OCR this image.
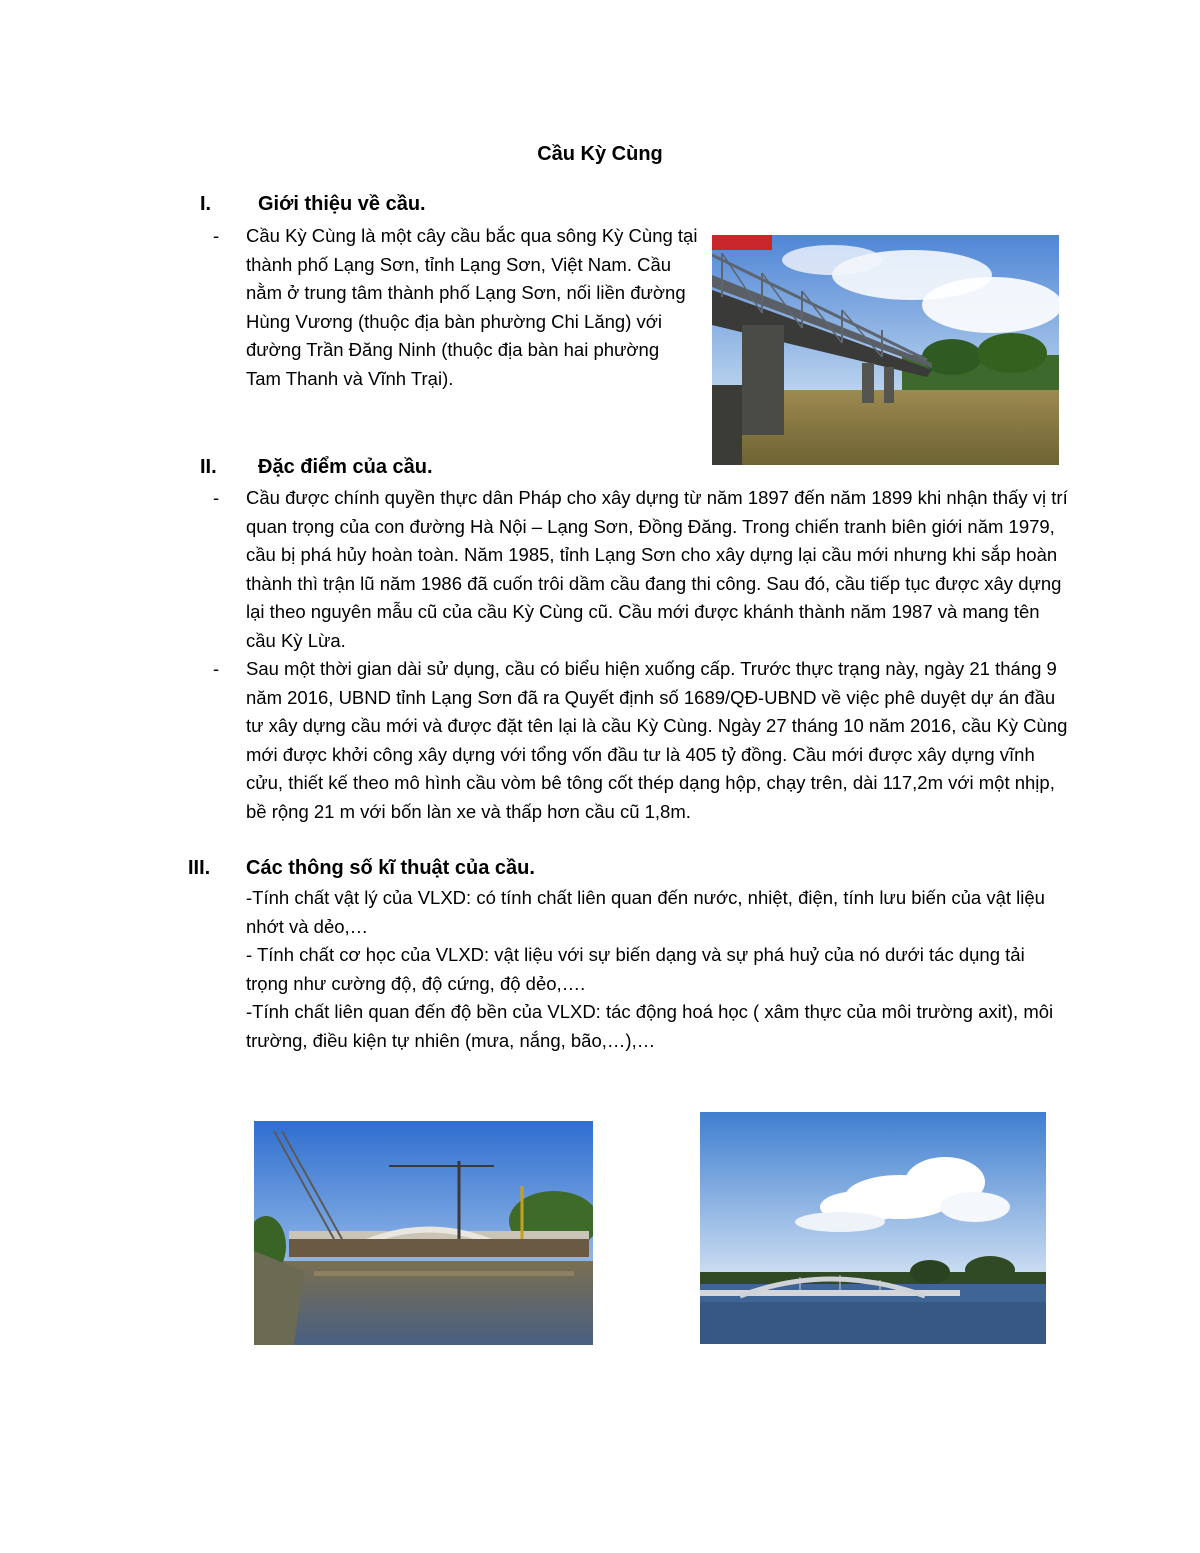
Cầu Kỳ Cùng
I.	Giới thiệu về cầu.
- Cầu Kỳ Cùng là một cây cầu bắc qua sông Kỳ Cùng tại thành phố Lạng Sơn, tỉnh Lạng Sơn, Việt Nam. Cầu nằm ở trung tâm thành phố Lạng Sơn, nối liền đường Hùng Vương (thuộc địa bàn phường Chi Lăng) với đường Trần Đăng Ninh (thuộc địa bàn hai phường Tam Thanh và Vĩnh Trại).
II.	Đặc điểm của cầu.
- Cầu được chính quyền thực dân Pháp cho xây dựng từ năm 1897 đến năm 1899 khi nhận thấy vị trí quan trọng của con đường Hà Nội – Lạng Sơn, Đồng Đăng. Trong chiến tranh biên giới năm 1979, cầu bị phá hủy hoàn toàn. Năm 1985, tỉnh Lạng Sơn cho xây dựng lại cầu mới nhưng khi sắp hoàn thành thì trận lũ năm 1986 đã cuốn trôi dầm cầu đang thi công. Sau đó, cầu tiếp tục được xây dựng lại theo nguyên mẫu cũ của cầu Kỳ Cùng cũ. Cầu mới được khánh thành năm 1987 và mang tên cầu Kỳ Lừa.
- Sau một thời gian dài sử dụng, cầu có biểu hiện xuống cấp. Trước thực trạng này, ngày 21 tháng 9 năm 2016, UBND tỉnh Lạng Sơn đã ra Quyết định số 1689/QĐ-UBND về việc phê duyệt dự án đầu tư xây dựng cầu mới và được đặt tên lại là cầu Kỳ Cùng. Ngày 27 tháng 10 năm 2016, cầu Kỳ Cùng mới được khởi công xây dựng với tổng vốn đầu tư là 405 tỷ đồng. Cầu mới được xây dựng vĩnh cửu, thiết kế theo mô hình cầu vòm bê tông cốt thép dạng hộp, chạy trên, dài 117,2m với một nhịp, bề rộng 21 m với bốn làn xe và thấp hơn cầu cũ 1,8m.
III.	Các thông số kĩ thuật của cầu.
-Tính chất vật lý của VLXD: có tính chất liên quan đến nước, nhiệt, điện, tính lưu biến của vật liệu nhớt và dẻo,…
- Tính chất cơ học của VLXD: vật liệu với sự biến dạng và sự phá huỷ của nó dưới tác dụng tải trọng như cường độ, độ cứng, độ dẻo,….
-Tính chất liên quan đến độ bền của VLXD: tác động hoá học ( xâm thực của môi trường axit), môi trường, điều kiện tự nhiên (mưa, nắng, bão,…),…
